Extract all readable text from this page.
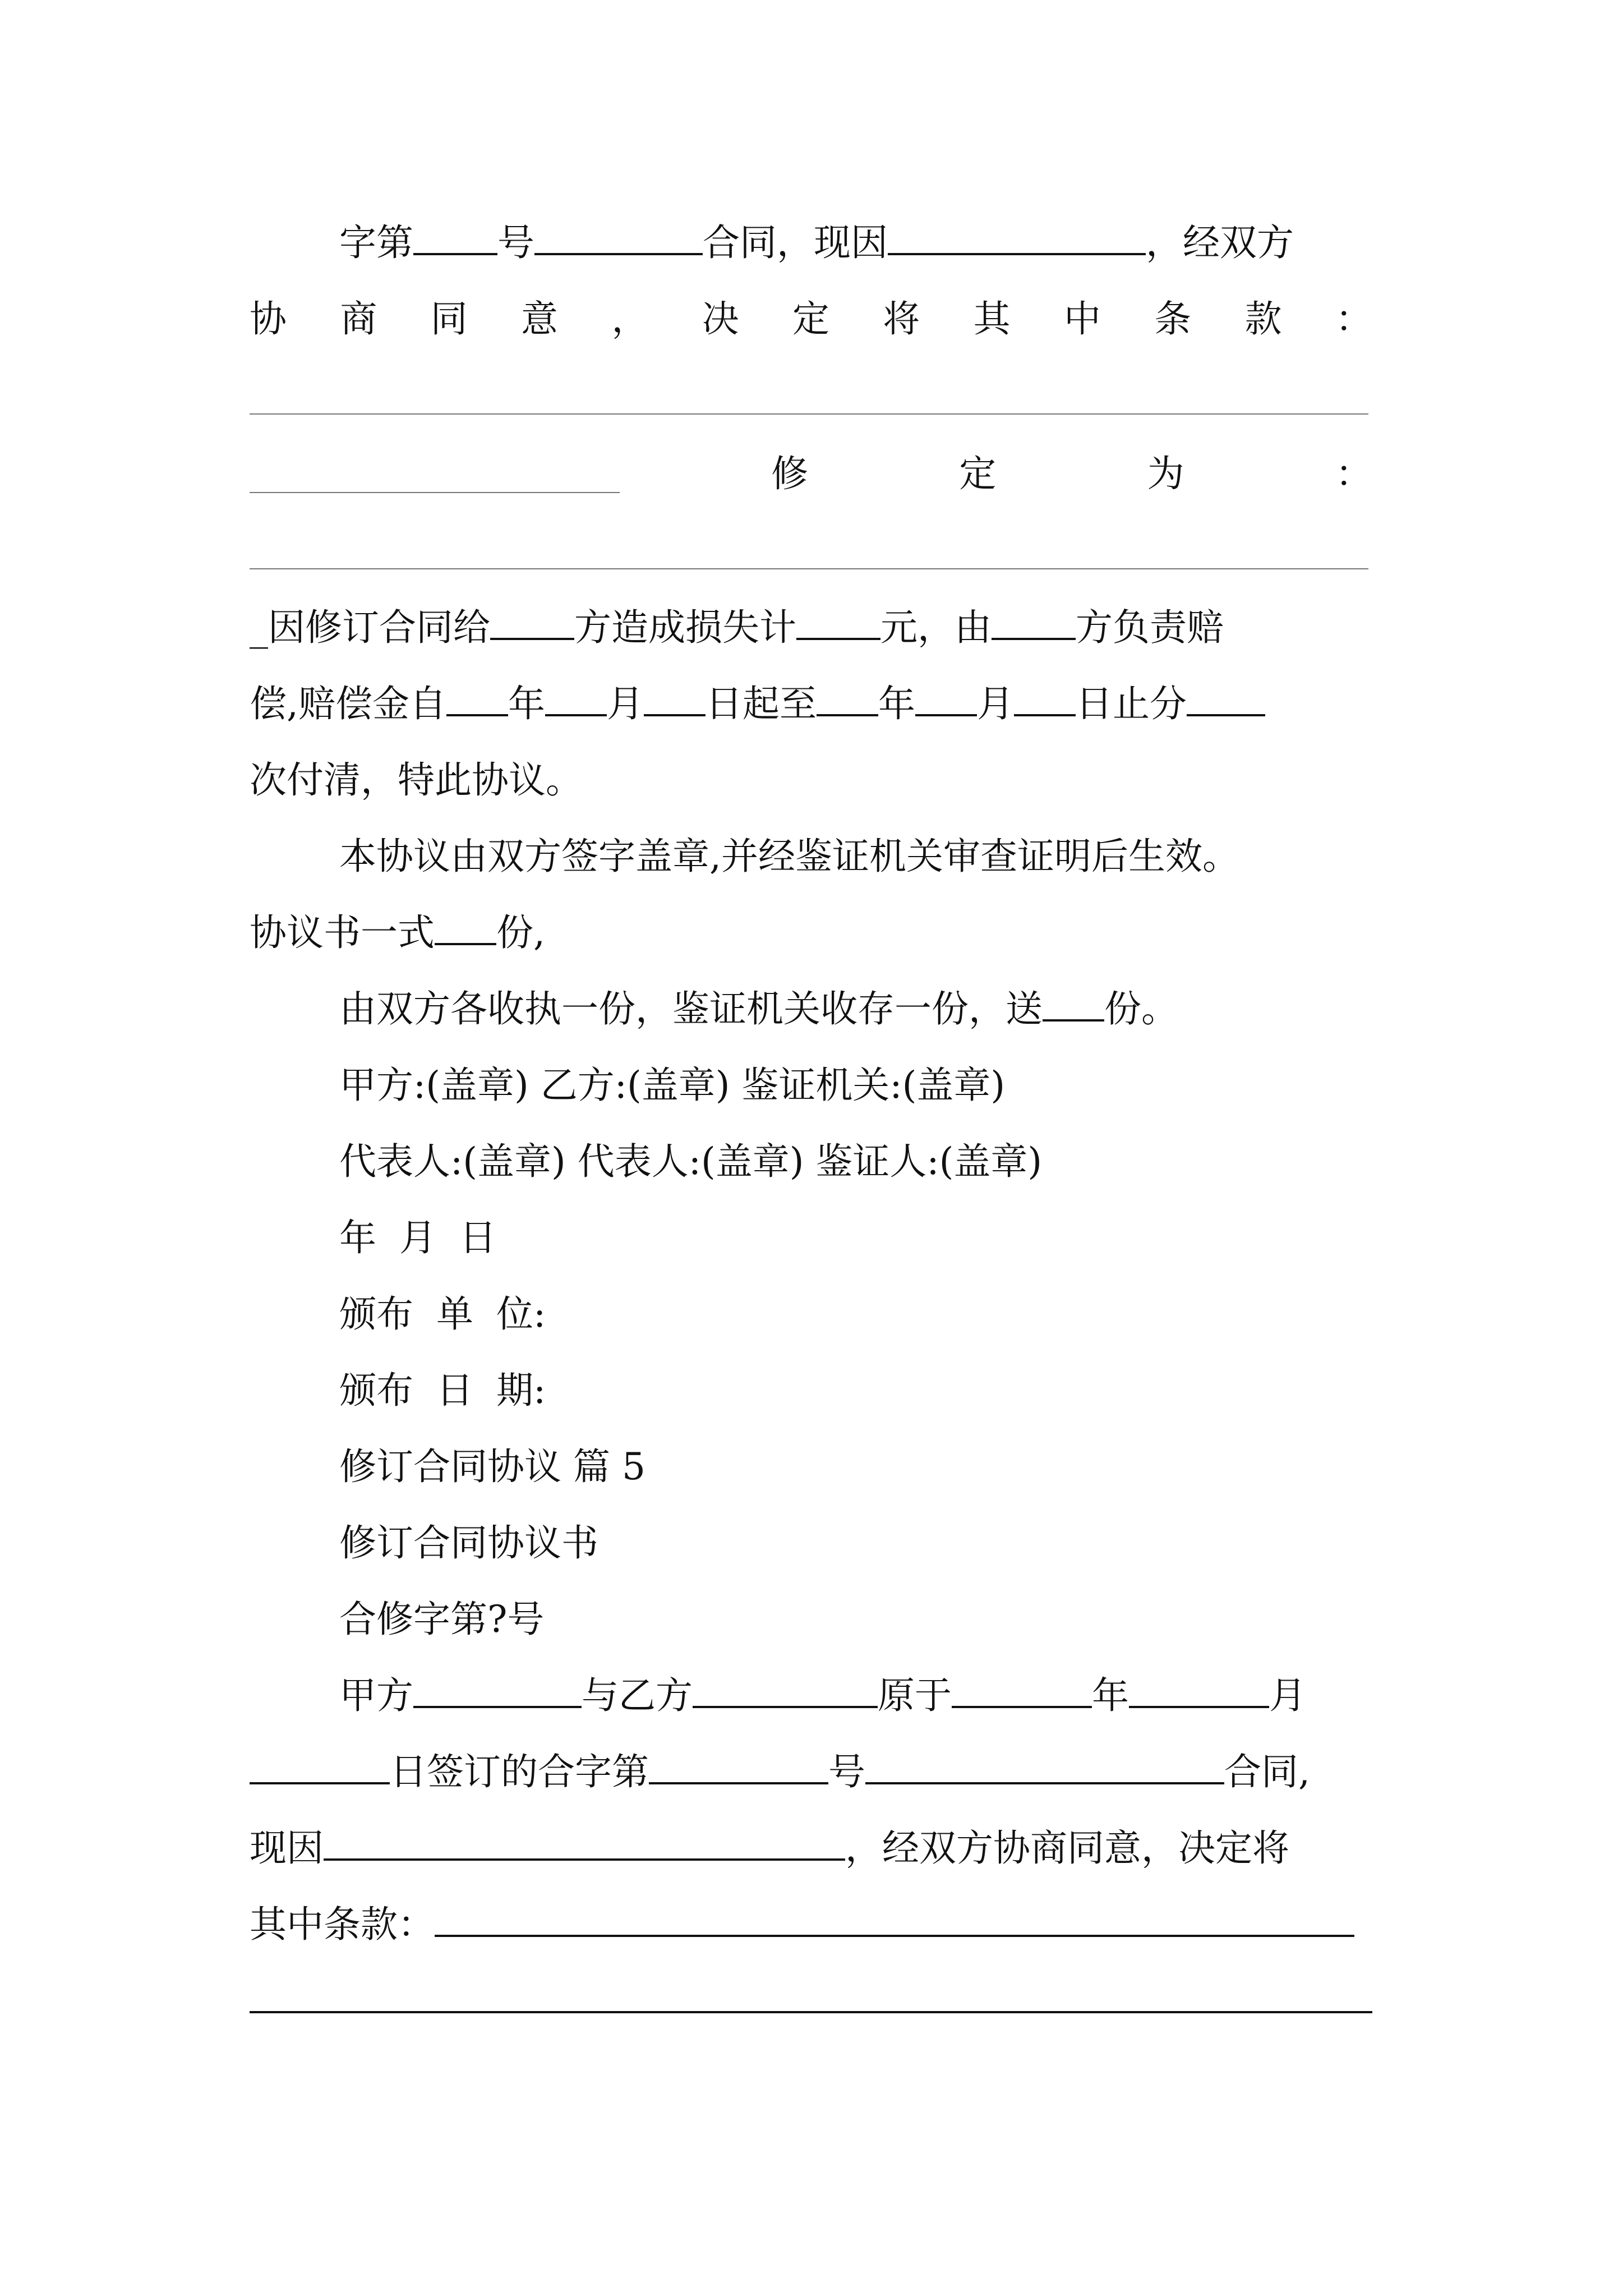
字第 号	合同，现因	，经双方
协 商 同 意 ， 决 定 将 其 中 条 款 ：
修	定	为	：
_因修订合同给 方造成损失计 元，由 方负责赔
偿,赔偿金自 年 月 日起至 年 月 日止分
次付清，特此协议。
本协议由双方签字盖章,并经鉴证机关审查证明后生效。
协议书一式 份,
由双方各收执一份，鉴证机关收存一份，送 份。
甲方:(盖章) 乙方:(盖章) 鉴证机关:(盖章)
代表人:(盖章) 代表人:(盖章) 鉴证人:(盖章)
年 月 日
颁布 单 位:
颁布 日 期:
修订合同协议 篇 5
修订合同协议书
合修字第?号
甲方	与乙方	原于	年	月
日签订的合字第	号	合同,
现因	，经双方协商同意，决定将
其中条款：
